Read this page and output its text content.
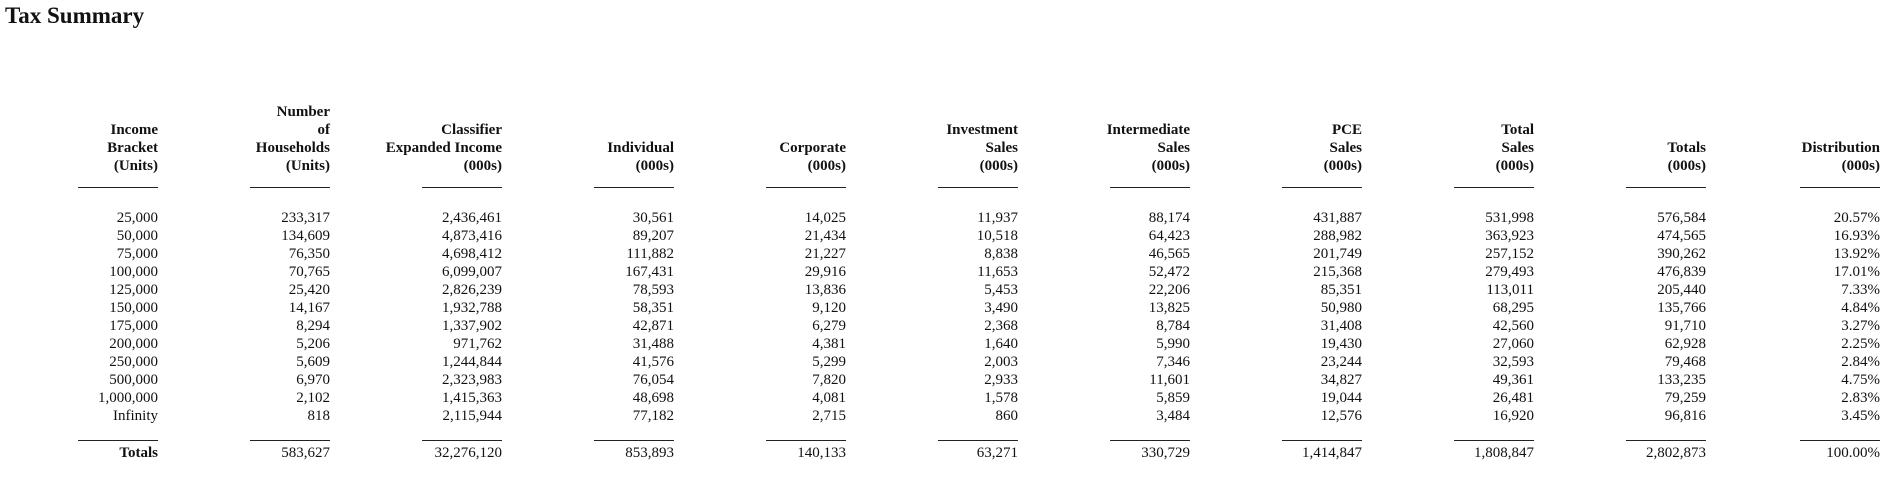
Tax Summary
Income
Bracket
(Units)
25,000
50,000
75,000
100,000
125,000
150,000
175,000
200,000
250,000
500,000
1,000,000
Infinity
Totals
Number
of
Households
(Units)
233,317
134,609
76,350
70,765
25,420
14,167
8,294
5,206
5,609
6,970
2,102
818
583,627
Classifier
Expanded Income
(000s)
2,436,461
4,873,416
4,698,412
6,099,007
2,826,239
1,932,788
1,337,902
971,762
1,244,844
2,323,983
1,415,363
2,115,944
32,276,120
Individual
(000s)
30,561
89,207
111,882
167,431
78,593
58,351
42,871
31,488
41,576
76,054
48,698
77,182
853,893
Corporate
(000s)
14,025
21,434
21,227
29,916
13,836
9,120
6,279
4,381
5,299
7,820
4,081
2,715
140,133
Investment
Sales
(000s)
11,937
10,518
8,838
11,653
5,453
3,490
2,368
1,640
2,003
2,933
1,578
860
63,271
Intermediate
Sales
(000s)
88,174
64,423
46,565
52,472
22,206
13,825
8,784
5,990
7,346
11,601
5,859
3,484
330,729
PCE
Sales
(000s)
431,887
288,982
201,749
215,368
85,351
50,980
31,408
19,430
23,244
34,827
19,044
12,576
1,414,847
Total
Sales
(000s)
531,998
363,923
257,152
279,493
113,011
68,295
42,560
27,060
32,593
49,361
26,481
16,920
1,808,847
Totals
(000s)
576,584
474,565
390,262
476,839
205,440
135,766
91,710
62,928
79,468
133,235
79,259
96,816
2,802,873
Distribution
(000s)
20.57%
16.93%
13.92%
17.01%
7.33%
4.84%
3.27%
2.25%
2.84%
4.75%
2.83%
3.45%
100.00%
